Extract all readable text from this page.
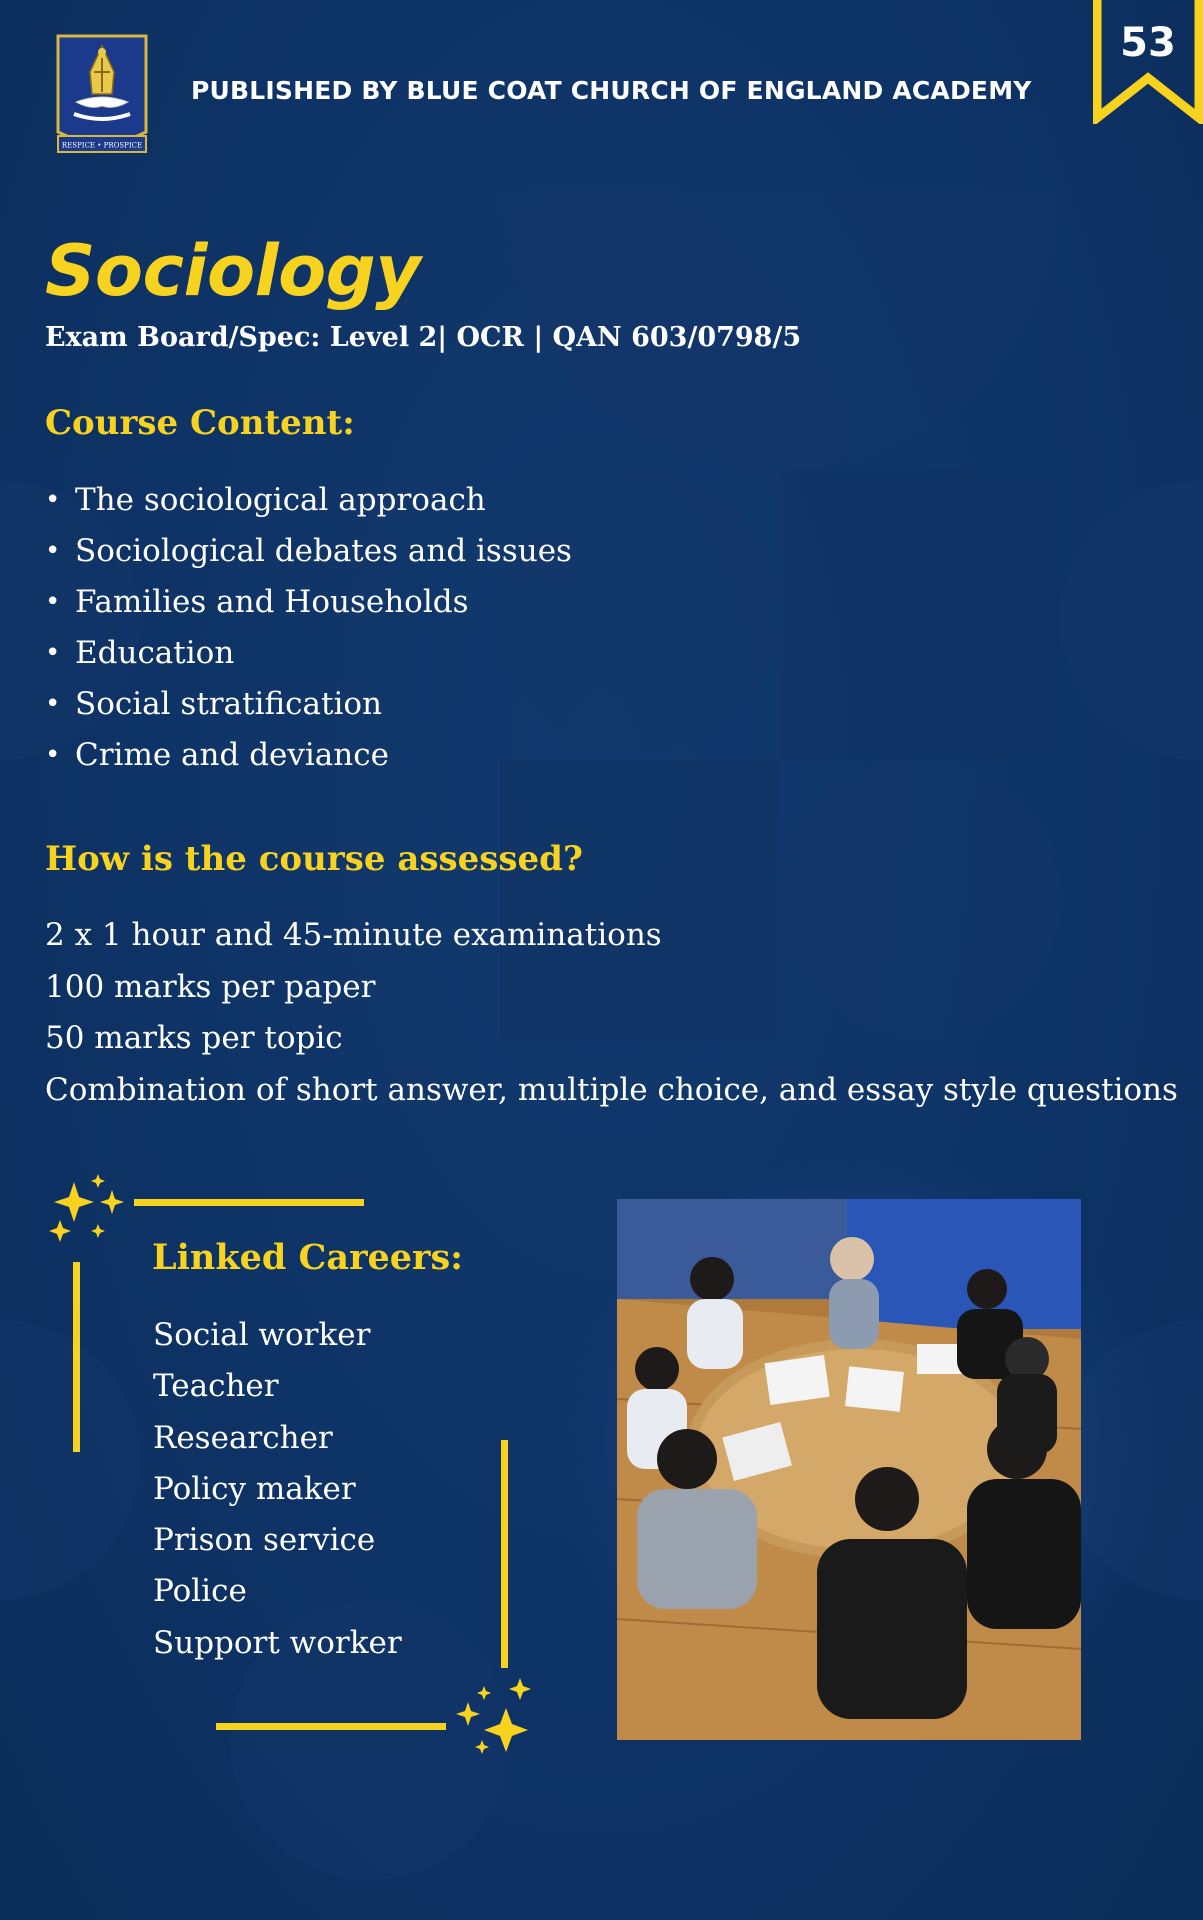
RESPICE • PROSPICE
PUBLISHED BY BLUE COAT CHURCH OF ENGLAND ACADEMY
53
Sociology
Exam Board/Spec: Level 2| OCR | QAN 603/0798/5
Course Content:
• The sociological approach
• Sociological debates and issues
• Families and Households
• Education
• Social stratification
• Crime and deviance
How is the course assessed?
2 x 1 hour and 45-minute examinations
100 marks per paper
50 marks per topic
Combination of short answer, multiple choice, and essay style questions
Linked Careers:
Social worker
Teacher
Researcher
Policy maker
Prison service
Police
Support worker
